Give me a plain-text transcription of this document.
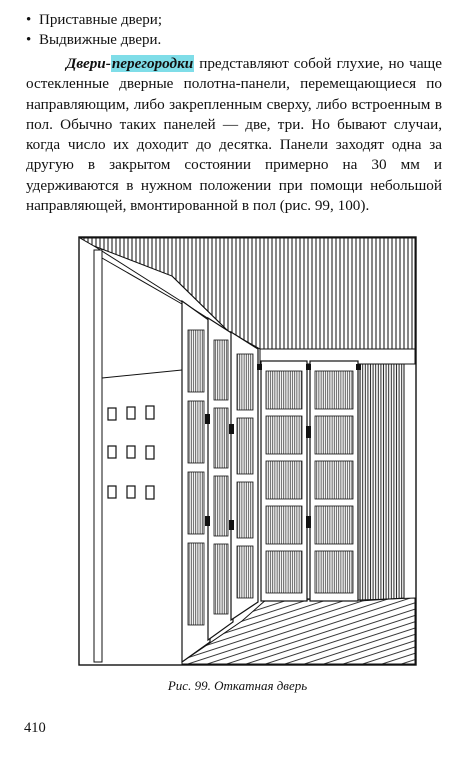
• Приставные двери;
• Выдвижные двери.
Двери-перегородки представляют собой глухие, но чаще остекленные дверные полотна-панели, перемещающиеся по направляющим, либо закрепленным сверху, либо встроенным в пол. Обычно таких панелей — две, три. Но бывают случаи, когда число их доходит до десятка. Панели заходят одна за другую в закрытом состоянии примерно на 30 мм и удерживаются в нужном положении при помощи небольшой направляющей, вмонтированной в пол (рис. 99, 100).
Рис. 99. Откатная дверь
410
